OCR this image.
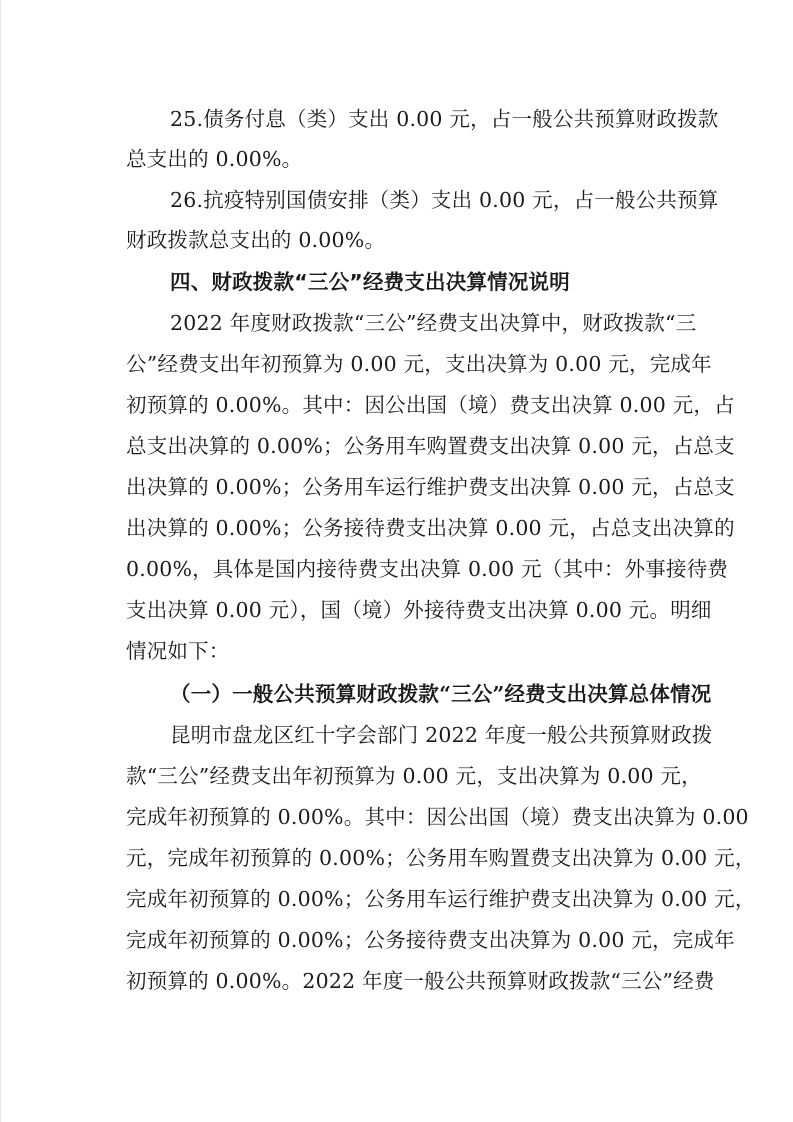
25.债务付息（类）支出 0.00 元，占一般公共预算财政拨款
总支出的 0.00%。
26.抗疫特别国债安排（类）支出 0.00 元，占一般公共预算
财政拨款总支出的 0.00%。
四、财政拨款“三公”经费支出决算情况说明
2022 年度财政拨款“三公”经费支出决算中，财政拨款“三
公”经费支出年初预算为 0.00 元，支出决算为 0.00 元，完成年
初预算的 0.00%。其中：因公出国（境）费支出决算 0.00 元，占
总支出决算的 0.00%；公务用车购置费支出决算 0.00 元，占总支
出决算的 0.00%；公务用车运行维护费支出决算 0.00 元，占总支
出决算的 0.00%；公务接待费支出决算 0.00 元，占总支出决算的
0.00%，具体是国内接待费支出决算 0.00 元（其中：外事接待费
支出决算 0.00 元），国（境）外接待费支出决算 0.00 元。明细
情况如下：
（一）一般公共预算财政拨款“三公”经费支出决算总体情况
昆明市盘龙区红十字会部门 2022 年度一般公共预算财政拨
款“三公”经费支出年初预算为 0.00 元，支出决算为 0.00 元，
完成年初预算的 0.00%。其中：因公出国（境）费支出决算为 0.00
元，完成年初预算的 0.00%；公务用车购置费支出决算为 0.00 元，
完成年初预算的 0.00%；公务用车运行维护费支出决算为 0.00 元，
完成年初预算的 0.00%；公务接待费支出决算为 0.00 元，完成年
初预算的 0.00%。2022 年度一般公共预算财政拨款“三公”经费
